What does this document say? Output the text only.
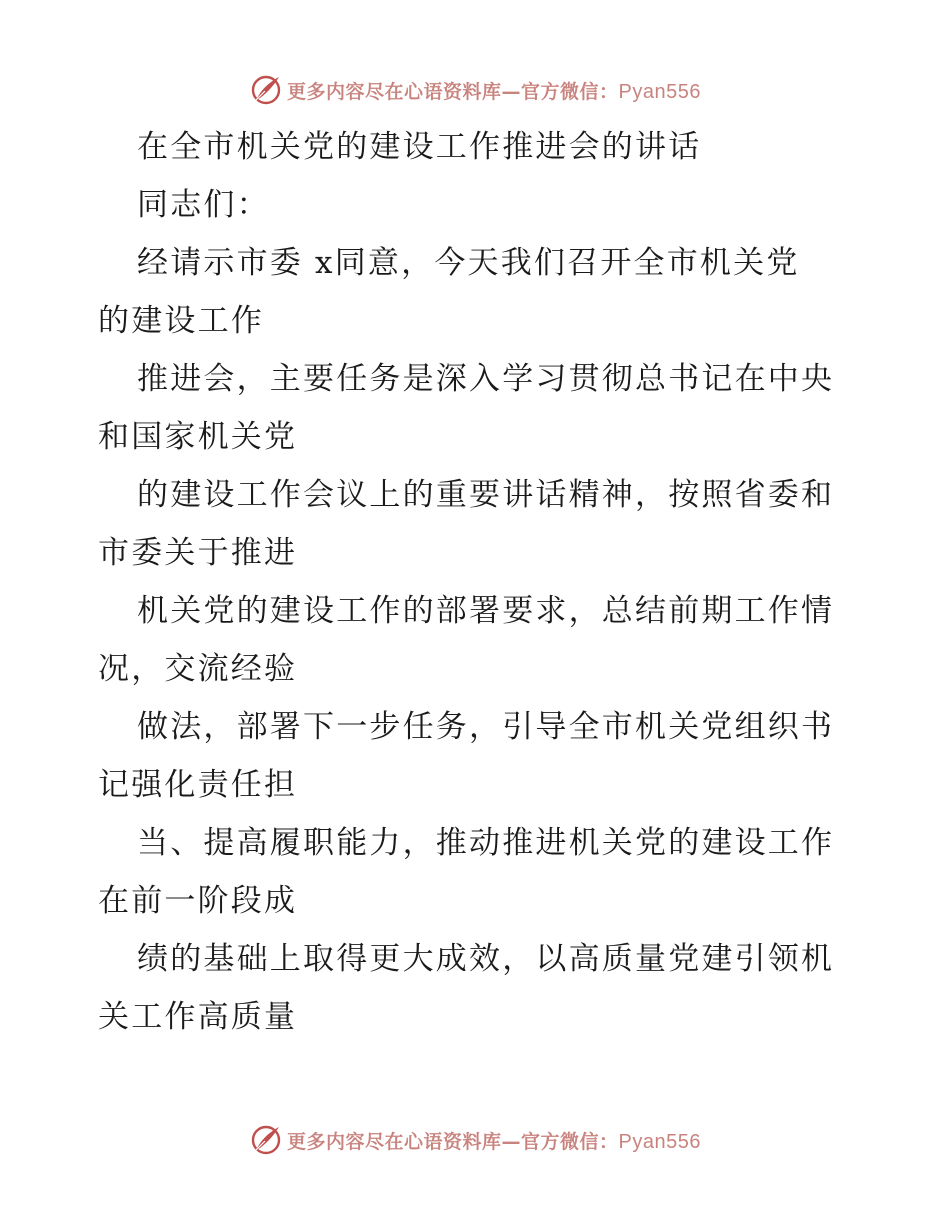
更多内容尽在心语资料库—官方微信：Pyan556
在全市机关党的建设工作推进会的讲话
同志们：
经请示市委 x同意，今天我们召开全市机关党
的建设工作
推进会，主要任务是深入学习贯彻总书记在中央
和国家机关党
的建设工作会议上的重要讲话精神，按照省委和
市委关于推进
机关党的建设工作的部署要求，总结前期工作情
况，交流经验
做法，部署下一步任务，引导全市机关党组织书
记强化责任担
当、提高履职能力，推动推进机关党的建设工作
在前一阶段成
绩的基础上取得更大成效，以高质量党建引领机
关工作高质量
更多内容尽在心语资料库—官方微信：Pyan556
